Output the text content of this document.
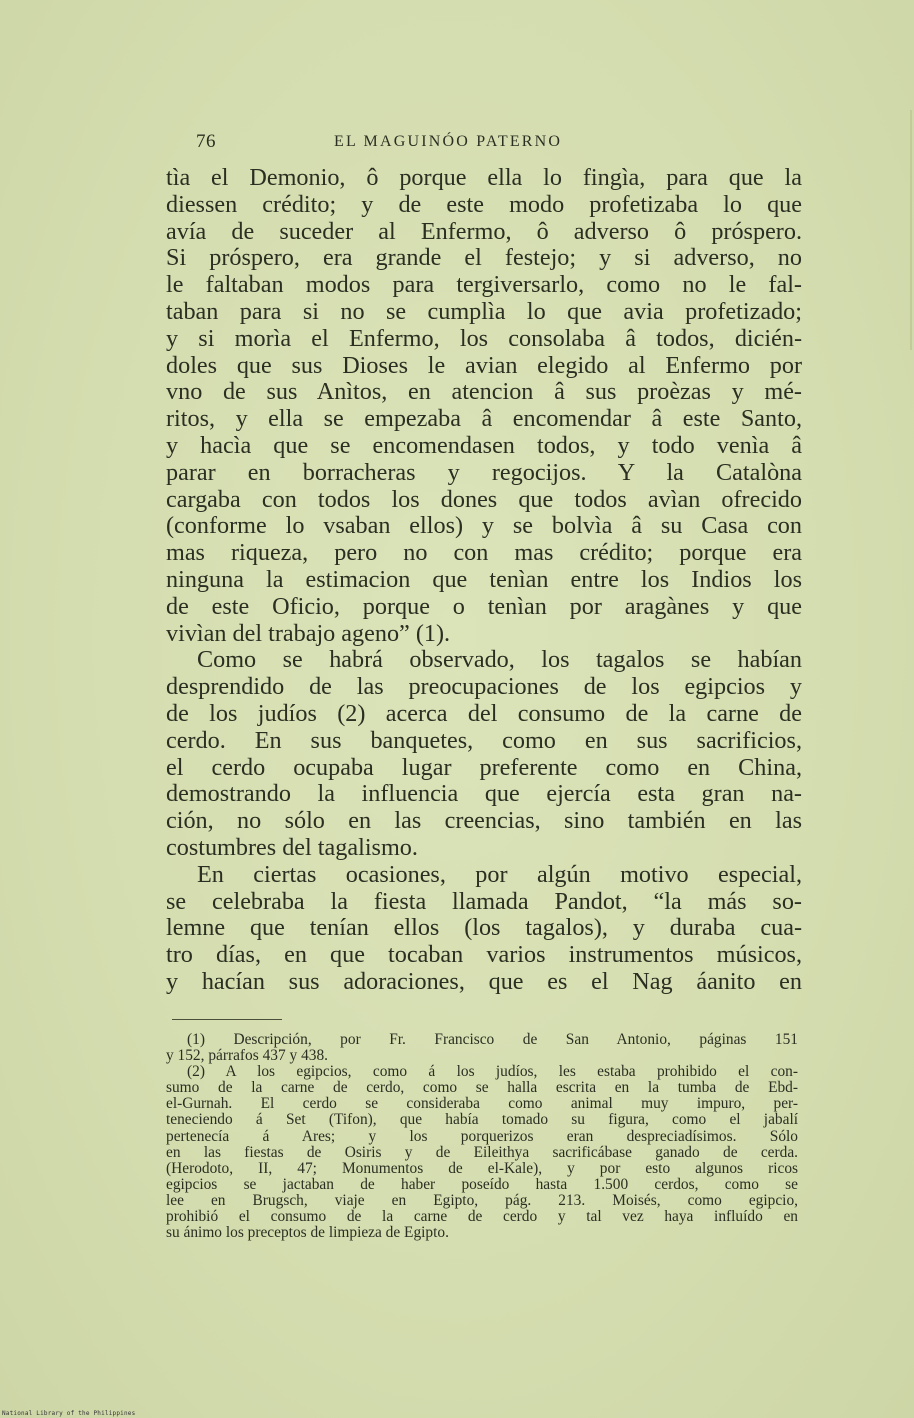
76	EL MAGUINÓO PATERNO
tìa el Demonio, ô porque ella lo fingìa, para que la
diessen crédito; y de este modo profetizaba lo que
avía de suceder al Enfermo, ô adverso ô próspero.
Si próspero, era grande el festejo; y si adverso, no
le faltaban modos para tergiversarlo, como no le fal-
taban para si no se cumplìa lo que avia profetizado;
y si morìa el Enfermo, los consolaba â todos, dicién-
doles que sus Dioses le avian elegido al Enfermo por
vno de sus Anìtos, en atencion â sus proèzas y mé-
ritos, y ella se empezaba â encomendar â este Santo,
y hacìa que se encomendasen todos, y todo venìa â
parar en borracheras y regocijos. Y la Catalòna
cargaba con todos los dones que todos avìan ofrecido
(conforme lo vsaban ellos) y se bolvìa â su Casa con
mas riqueza, pero no con mas crédito; porque era
ninguna la estimacion que tenìan entre los Indios los
de este Oficio, porque o tenìan por aragànes y que
vivìan del trabajo ageno” (1).
Como se habrá observado, los tagalos se habían
desprendido de las preocupaciones de los egipcios y
de los judíos (2) acerca del consumo de la carne de
cerdo. En sus banquetes, como en sus sacrificios,
el cerdo ocupaba lugar preferente como en China,
demostrando la influencia que ejercía esta gran na-
ción, no sólo en las creencias, sino también en las
costumbres del tagalismo.
En ciertas ocasiones, por algún motivo especial,
se celebraba la fiesta llamada Pandot, “la más so-
lemne que tenían ellos (los tagalos), y duraba cua-
tro días, en que tocaban varios instrumentos músicos,
y hacían sus adoraciones, que es el Nag áanito en
(1) Descripción, por Fr. Francisco de San Antonio, páginas 151
y 152, párrafos 437 y 438.
(2) A los egipcios, como á los judíos, les estaba prohibido el con-
sumo de la carne de cerdo, como se halla escrita en la tumba de Ebd-
el-Gurnah. El cerdo se consideraba como animal muy impuro, per-
teneciendo á Set (Tifon), que había tomado su figura, como el jabalí
pertenecía á Ares; y los porquerizos eran despreciadísimos. Sólo
en las fiestas de Osiris y de Eileithya sacrificábase ganado de cerda.
(Herodoto, II, 47; Monumentos de el-Kale), y por esto algunos ricos
egipcios se jactaban de haber poseído hasta 1.500 cerdos, como se
lee en Brugsch, viaje en Egipto, pág. 213. Moisés, como egipcio,
prohibió el consumo de la carne de cerdo y tal vez haya influído en
su ánimo los preceptos de limpieza de Egipto.
National Library of the Philippines
